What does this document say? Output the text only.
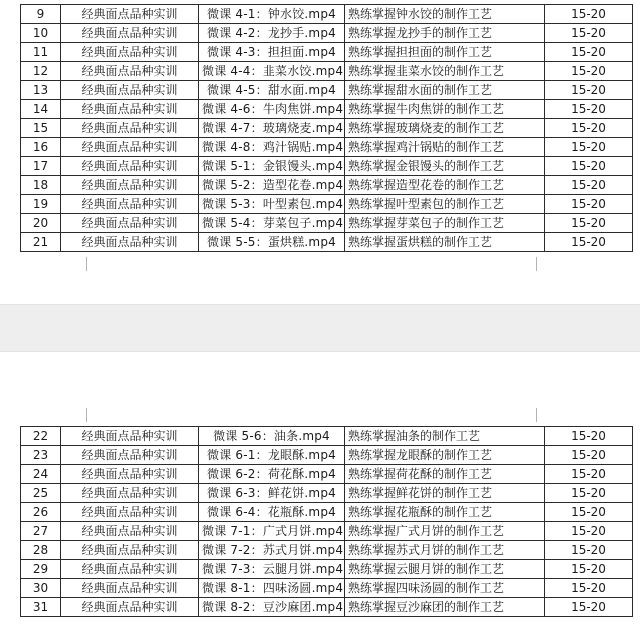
9	经典面点品种实训	微课 4-1：钟水饺.mp4	熟练掌握钟水饺的制作工艺	15-20
10	经典面点品种实训	微课 4-2：龙抄手.mp4	熟练掌握龙抄手的制作工艺	15-20
11	经典面点品种实训	微课 4-3：担担面.mp4	熟练掌握担担面的制作工艺	15-20
12	经典面点品种实训	微课 4-4：韭菜水饺.mp4	熟练掌握韭菜水饺的制作工艺	15-20
13	经典面点品种实训	微课 4-5：甜水面.mp4	熟练掌握甜水面的制作工艺	15-20
14	经典面点品种实训	微课 4-6：牛肉焦饼.mp4	熟练掌握牛肉焦饼的制作工艺	15-20
15	经典面点品种实训	微课 4-7：玻璃烧麦.mp4	熟练掌握玻璃烧麦的制作工艺	15-20
16	经典面点品种实训	微课 4-8：鸡汁锅贴.mp4	熟练掌握鸡汁锅贴的制作工艺	15-20
17	经典面点品种实训	微课 5-1：金银馒头.mp4	熟练掌握金银馒头的制作工艺	15-20
18	经典面点品种实训	微课 5-2：造型花卷.mp4	熟练掌握造型花卷的制作工艺	15-20
19	经典面点品种实训	微课 5-3：叶型素包.mp4	熟练掌握叶型素包的制作工艺	15-20
20	经典面点品种实训	微课 5-4：芽菜包子.mp4	熟练掌握芽菜包子的制作工艺	15-20
21	经典面点品种实训	微课 5-5：蛋烘糕.mp4	熟练掌握蛋烘糕的制作工艺	15-20
22	经典面点品种实训	微课 5-6：油条.mp4	熟练掌握油条的制作工艺	15-20
23	经典面点品种实训	微课 6-1：龙眼酥.mp4	熟练掌握龙眼酥的制作工艺	15-20
24	经典面点品种实训	微课 6-2：荷花酥.mp4	熟练掌握荷花酥的制作工艺	15-20
25	经典面点品种实训	微课 6-3：鲜花饼.mp4	熟练掌握鲜花饼的制作工艺	15-20
26	经典面点品种实训	微课 6-4：花瓶酥.mp4	熟练掌握花瓶酥的制作工艺	15-20
27	经典面点品种实训	微课 7-1：广式月饼.mp4	熟练掌握广式月饼的制作工艺	15-20
28	经典面点品种实训	微课 7-2：苏式月饼.mp4	熟练掌握苏式月饼的制作工艺	15-20
29	经典面点品种实训	微课 7-3：云腿月饼.mp4	熟练掌握云腿月饼的制作工艺	15-20
30	经典面点品种实训	微课 8-1：四味汤圆.mp4	熟练掌握四味汤圆的制作工艺	15-20
31	经典面点品种实训	微课 8-2：豆沙麻团.mp4	熟练掌握豆沙麻团的制作工艺	15-20
